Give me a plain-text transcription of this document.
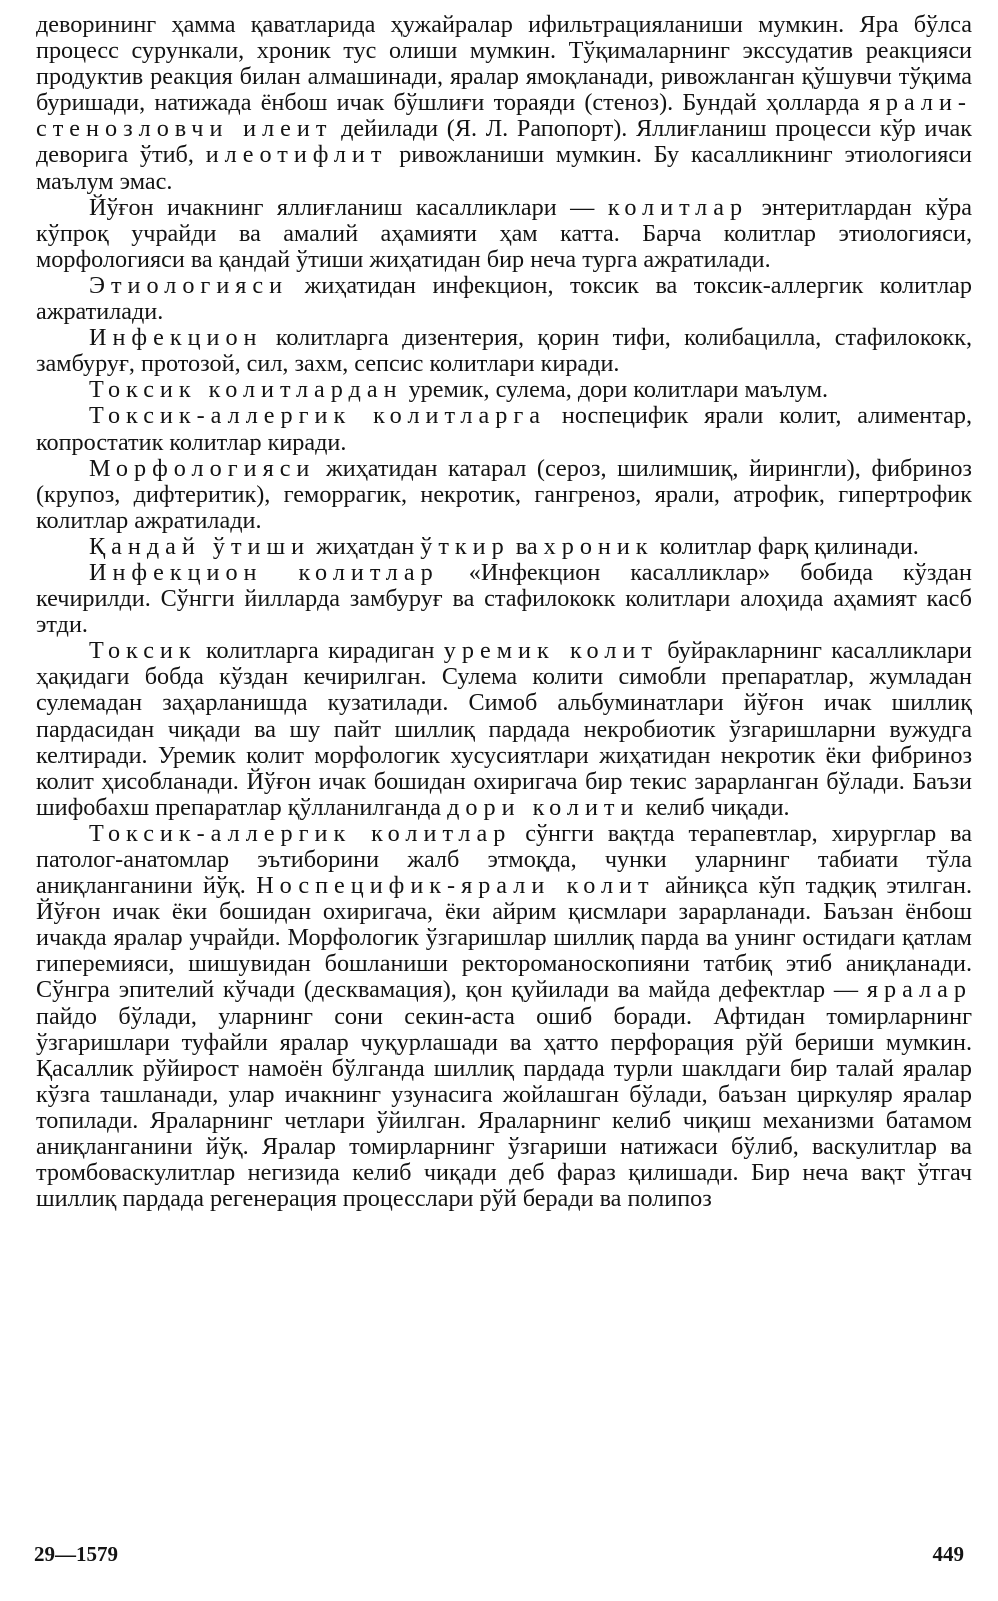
деворининг ҳамма қаватларида ҳужайралар ифильтрацияланиши мумкин. Яра бўлса процесс сурункали, хроник тус олиши мумкин. Тўқималарнинг экссудатив реакцияси продуктив реакция билан алмашинади, яралар ямоқланади, ривожланган қўшувчи тўқима буришади, натижада ёнбош ичак бўшлиғи тораяди (стеноз). Бундай ҳолларда ярали-стенозловчи илеит дейилади (Я. Л. Рапопорт). Яллиғланиш процесси кўр ичак деворига ўтиб, илеотифлит ривожланиши мумкин. Бу касалликнинг этиологияси маълум эмас.

Йўғон ичакнинг яллиғланиш касалликлари — колитлар энтеритлардан кўра кўпроқ учрайди ва амалий аҳамияти ҳам катта. Барча колитлар этиологияси, морфологияси ва қандай ўтиши жиҳатидан бир неча турга ажратилади.

Этиологияси жиҳатидан инфекцион, токсик ва токсик-аллергик колитлар ажратилади.

Инфекцион колитларга дизентерия, қорин тифи, колибацилла, стафилококк, замбуруғ, протозой, сил, захм, сепсис колитлари киради.

Токсик колитлардан уремик, сулема, дори колитлари маълум.

Токсик-аллергик колитларга носпецифик ярали колит, алиментар, копростатик колитлар киради.

Морфологияси жиҳатидан катарал (сероз, шилимшиқ, йирингли), фибриноз (крупоз, дифтеритик), геморрагик, некротик, гангреноз, ярали, атрофик, гипертрофик колитлар ажратилади.

Қандай ўтиши жиҳатдан ўткир ва хроник колитлар фарқ қилинади.

Инфекцион колитлар «Инфекцион касалликлар» бобида кўздан кечирилди. Сўнгги йилларда замбуруғ ва стафилококк колитлари алоҳида аҳамият касб этди.

Токсик колитларга кирадиган уремик колит буйракларнинг касалликлари ҳақидаги бобда кўздан кечирилган. Сулема колити симобли препаратлар, жумладан сулемадан заҳарланишда кузатилади. Симоб альбуминатлари йўғон ичак шиллиқ пардасидан чиқади ва шу пайт шиллиқ пардада некробиотик ўзгаришларни вужудга келтиради. Уремик колит морфологик хусусиятлари жиҳатидан некротик ёки фибриноз колит ҳисобланади. Йўғон ичак бошидан охиригача бир текис зарарланган бўлади. Баъзи шифобахш препаратлар қўлланилганда дори колити келиб чиқади.

Токсик-аллергик колитлар сўнгги вақтда терапевтлар, хирурглар ва патолог-анатомлар эътиборини жалб этмоқда, чунки уларнинг табиати тўла аниқланганини йўқ. Носпецифик-ярали колит айниқса кўп тадқиқ этилган. Йўғон ичак ёки бошидан охиригача, ёки айрим қисмлари зарарланади. Баъзан ёнбош ичакда яралар учрайди. Морфологик ўзгаришлар шиллиқ парда ва унинг остидаги қатлам гиперемияси, шишувидан бошланиши ректороманоскопияни татбиқ этиб аниқланади. Сўнгра эпителий кўчади (десквамация), қон қуйилади ва майда дефектлар — яралар пайдо бўлади, уларнинг сони секин-аста ошиб боради. Афтидан томирларнинг ўзгаришлари туфайли яралар чуқурлашади ва ҳатто перфорация рўй бериши мумкин. Қасаллик рўйирост намоён бўлганда шиллиқ пардада турли шаклдаги бир талай яралар кўзга ташланади, улар ичакнинг узунасига жойлашган бўлади, баъзан циркуляр яралар топилади. Яраларнинг четлари ўйилган. Яраларнинг келиб чиқиш механизми батамом аниқланганини йўқ. Яралар томирларнинг ўзгариши натижаси бўлиб, васкулитлар ва тромбоваскулитлар негизида келиб чиқади деб фараз қилишади. Бир неча вақт ўтгач шиллиқ пардада регенерация процесслари рўй беради ва полипоз

29—1579	449
